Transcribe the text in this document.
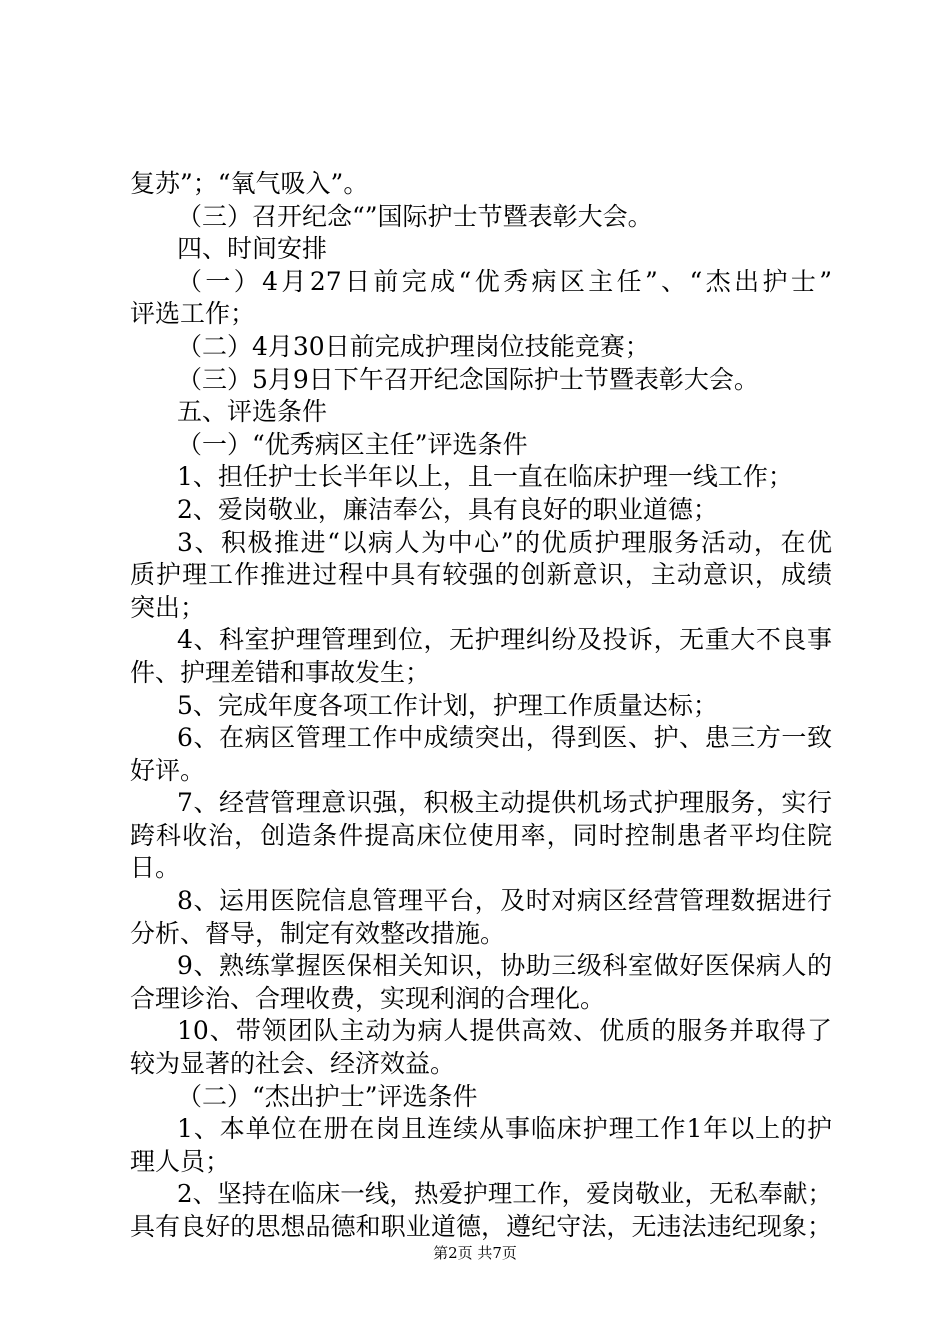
复苏”；“氧气吸入”。
（三）召开纪念“”国际护士节暨表彰大会。
四、时间安排
（一）4月27日前完成“优秀病区主任”、“杰出护士”
评选工作；
（二）4月30日前完成护理岗位技能竞赛；
（三）5月9日下午召开纪念国际护士节暨表彰大会。
五、评选条件
（一）“优秀病区主任”评选条件
1、担任护士长半年以上，且一直在临床护理一线工作；
2、爱岗敬业，廉洁奉公，具有良好的职业道德；
3、积极推进“以病人为中心”的优质护理服务活动，在优
质护理工作推进过程中具有较强的创新意识，主动意识，成绩
突出；
4、科室护理管理到位，无护理纠纷及投诉，无重大不良事
件、护理差错和事故发生；
5、完成年度各项工作计划，护理工作质量达标；
6、在病区管理工作中成绩突出，得到医、护、患三方一致
好评。
7、经营管理意识强，积极主动提供机场式护理服务，实行
跨科收治，创造条件提高床位使用率，同时控制患者平均住院
日。
8、运用医院信息管理平台，及时对病区经营管理数据进行
分析、督导，制定有效整改措施。
9、熟练掌握医保相关知识，协助三级科室做好医保病人的
合理诊治、合理收费，实现利润的合理化。
10、带领团队主动为病人提供高效、优质的服务并取得了
较为显著的社会、经济效益。
（二）“杰出护士”评选条件
1、本单位在册在岗且连续从事临床护理工作1年以上的护
理人员；
2、坚持在临床一线，热爱护理工作，爱岗敬业，无私奉献；
具有良好的思想品德和职业道德，遵纪守法，无违法违纪现象；
第2页 共7页
